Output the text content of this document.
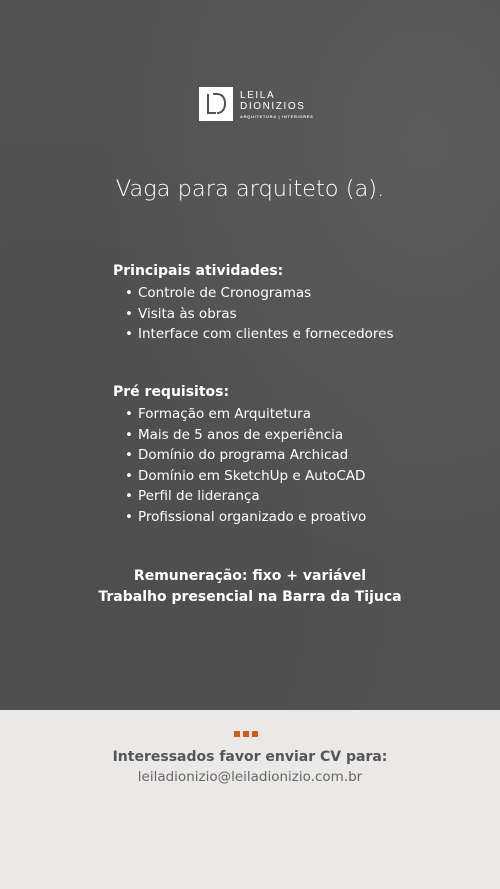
LEILA
DIONIZIOS
ARQUITETURA | INTERIORES
Vaga para arquiteto (a).

Principais atividades:

• Controle de Cronogramas
• Visita às obras
• Interface com clientes e fornecedores

Pré requisitos:

• Formação em Arquitetura
• Mais de 5 anos de experiência
• Domínio do programa Archicad
• Domínio em SketchUp e AutoCAD
• Perfil de liderança
• Profissional organizado e proativo
Remuneração: fixo + variável
Trabalho presencial na Barra da Tijuca
Interessados favor enviar CV para:
leiladionizio@leiladionizio.com.br
